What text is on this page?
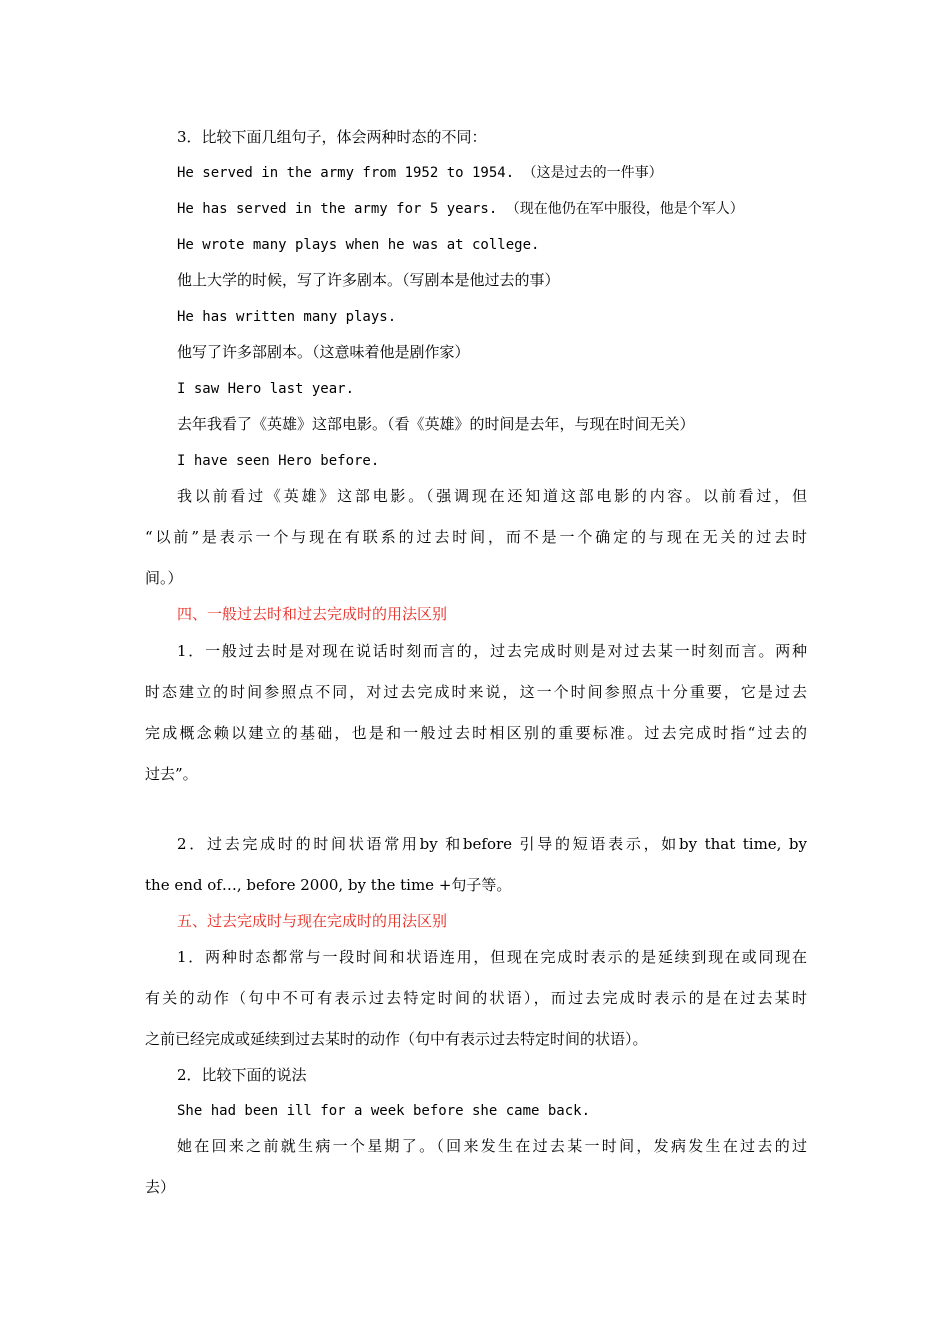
3．比较下面几组句子，体会两种时态的不同：
He served in the army from 1952 to 1954. （这是过去的一件事）
He has served in the army for 5 years. （现在他仍在军中服役，他是个军人）
He wrote many plays when he was at college.
他上大学的时候，写了许多剧本。（写剧本是他过去的事）
He has written many plays.
他写了许多部剧本。（这意味着他是剧作家）
I saw Hero last year.
去年我看了《英雄》这部电影。（看《英雄》的时间是去年，与现在时间无关）
I have seen Hero before.
我以前看过《英雄》这部电影。（强调现在还知道这部电影的内容。以前看过，但
“以前”是表示一个与现在有联系的过去时间，而不是一个确定的与现在无关的过去时
间。）
四、一般过去时和过去完成时的用法区别
1．一般过去时是对现在说话时刻而言的，过去完成时则是对过去某一时刻而言。两种
时态建立的时间参照点不同，对过去完成时来说，这一个时间参照点十分重要，它是过去
完成概念赖以建立的基础，也是和一般过去时相区别的重要标准。过去完成时指“过去的
过去”。
2．过去完成时的时间状语常用by 和before 引导的短语表示，如by that time, by
the end of…, before 2000, by the time +句子等。
五、过去完成时与现在完成时的用法区别
1．两种时态都常与一段时间和状语连用，但现在完成时表示的是延续到现在或同现在
有关的动作（句中不可有表示过去特定时间的状语），而过去完成时表示的是在过去某时
之前已经完成或延续到过去某时的动作（句中有表示过去特定时间的状语）。
2．比较下面的说法
She had been ill for a week before she came back.
她在回来之前就生病一个星期了。（回来发生在过去某一时间，发病发生在过去的过
去）
